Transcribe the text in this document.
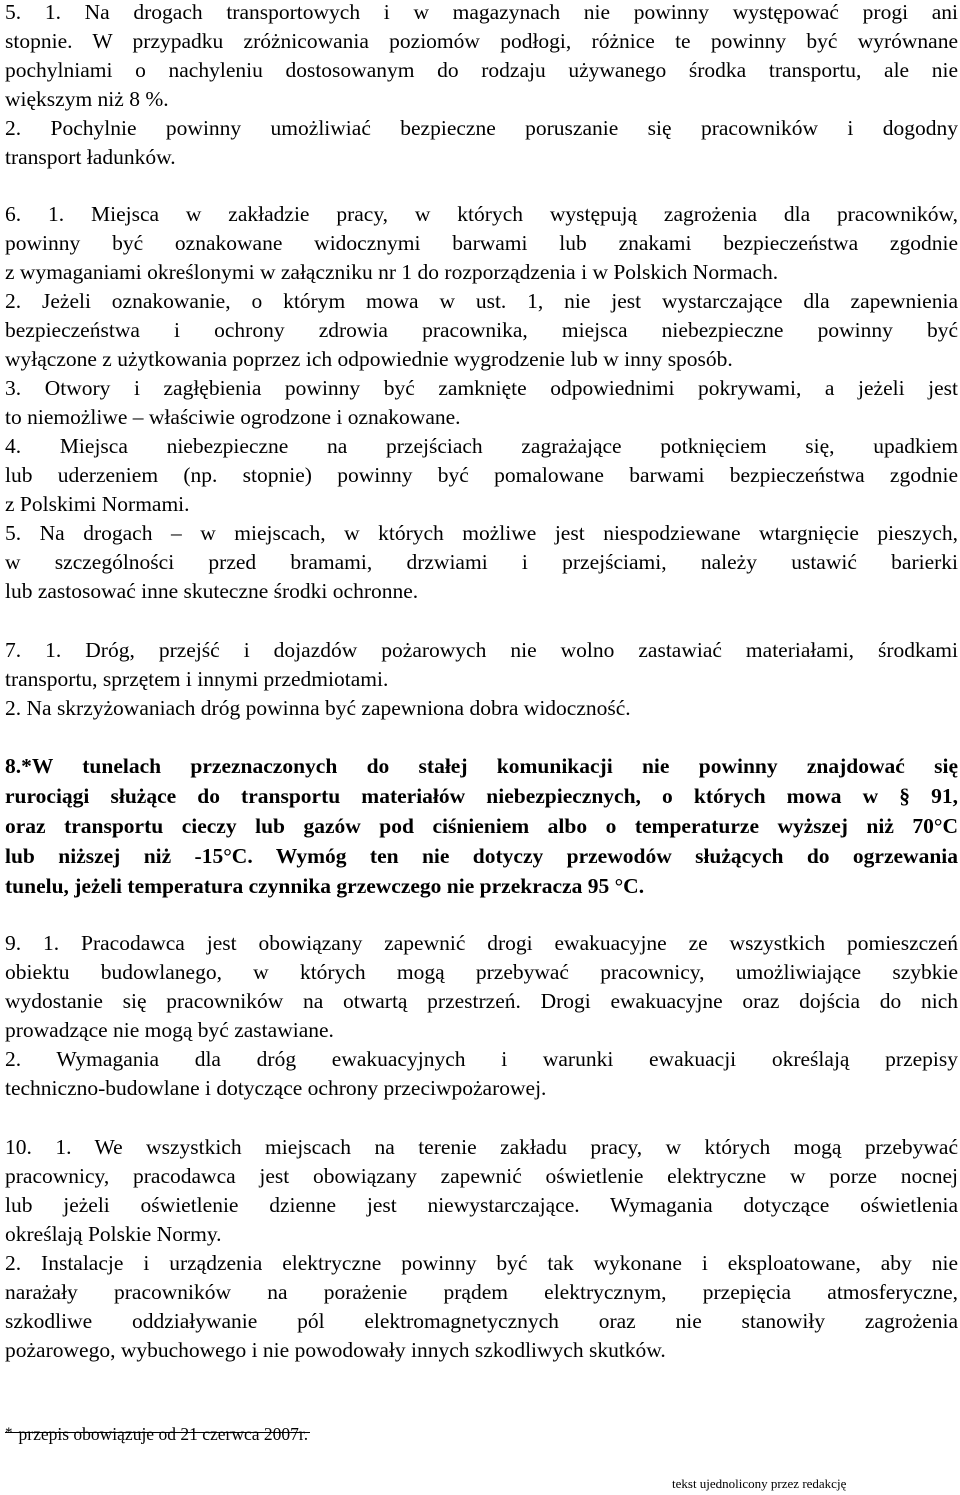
5. 1. Na drogach transportowych i w magazynach nie powinny występować progi ani
stopnie. W przypadku zróżnicowania poziomów podłogi, różnice te powinny być wyrównane
pochylniami o nachyleniu dostosowanym do rodzaju używanego środka transportu, ale nie
większym niż 8 %.
2. Pochylnie powinny umożliwiać bezpieczne poruszanie się pracowników i dogodny
transport ładunków.
6. 1. Miejsca w zakładzie pracy, w których występują zagrożenia dla pracowników,
powinny być oznakowane widocznymi barwami lub znakami bezpieczeństwa zgodnie
z wymaganiami określonymi w załączniku nr 1 do rozporządzenia i w Polskich Normach.
2. Jeżeli oznakowanie, o którym mowa w ust. 1, nie jest wystarczające dla zapewnienia
bezpieczeństwa i ochrony zdrowia pracownika, miejsca niebezpieczne powinny być
wyłączone z użytkowania poprzez ich odpowiednie wygrodzenie lub w inny sposób.
3. Otwory i zagłębienia powinny być zamknięte odpowiednimi pokrywami, a jeżeli jest
to niemożliwe – właściwie ogrodzone i oznakowane.
4. Miejsca niebezpieczne na przejściach zagrażające potknięciem się, upadkiem
lub uderzeniem (np. stopnie) powinny być pomalowane barwami bezpieczeństwa zgodnie
z Polskimi Normami.
5. Na drogach – w miejscach, w których możliwe jest niespodziewane wtargnięcie pieszych,
w szczególności przed bramami, drzwiami i przejściami, należy ustawić barierki
lub zastosować inne skuteczne środki ochronne.
7. 1. Dróg, przejść i dojazdów pożarowych nie wolno zastawiać materiałami, środkami
transportu, sprzętem i innymi przedmiotami.
2. Na skrzyżowaniach dróg powinna być zapewniona dobra widoczność.
8.*W tunelach przeznaczonych do stałej komunikacji nie powinny znajdować się
rurociągi służące do transportu materiałów niebezpiecznych, o których mowa w § 91,
oraz transportu cieczy lub gazów pod ciśnieniem albo o temperaturze wyższej niż 70°C
lub niższej niż -15°C. Wymóg ten nie dotyczy przewodów służących do ogrzewania
tunelu, jeżeli temperatura czynnika grzewczego nie przekracza 95 °C.
9. 1. Pracodawca jest obowiązany zapewnić drogi ewakuacyjne ze wszystkich pomieszczeń
obiektu budowlanego, w których mogą przebywać pracownicy, umożliwiające szybkie
wydostanie się pracowników na otwartą przestrzeń. Drogi ewakuacyjne oraz dojścia do nich
prowadzące nie mogą być zastawiane.
2. Wymagania dla dróg ewakuacyjnych i warunki ewakuacji określają przepisy
techniczno-budowlane i dotyczące ochrony przeciwpożarowej.
10. 1. We wszystkich miejscach na terenie zakładu pracy, w których mogą przebywać
pracownicy, pracodawca jest obowiązany zapewnić oświetlenie elektryczne w porze nocnej
lub jeżeli oświetlenie dzienne jest niewystarczające. Wymagania dotyczące oświetlenia
określają Polskie Normy.
2. Instalacje i urządzenia elektryczne powinny być tak wykonane i eksploatowane, aby nie
narażały pracowników na porażenie prądem elektrycznym, przepięcia atmosferyczne,
szkodliwe oddziaływanie pól elektromagnetycznych oraz nie stanowiły zagrożenia
pożarowego, wybuchowego i nie powodowały innych szkodliwych skutków.
* przepis obowiązuje od 21 czerwca 2007r.
tekst ujednolicony przez redakcję
